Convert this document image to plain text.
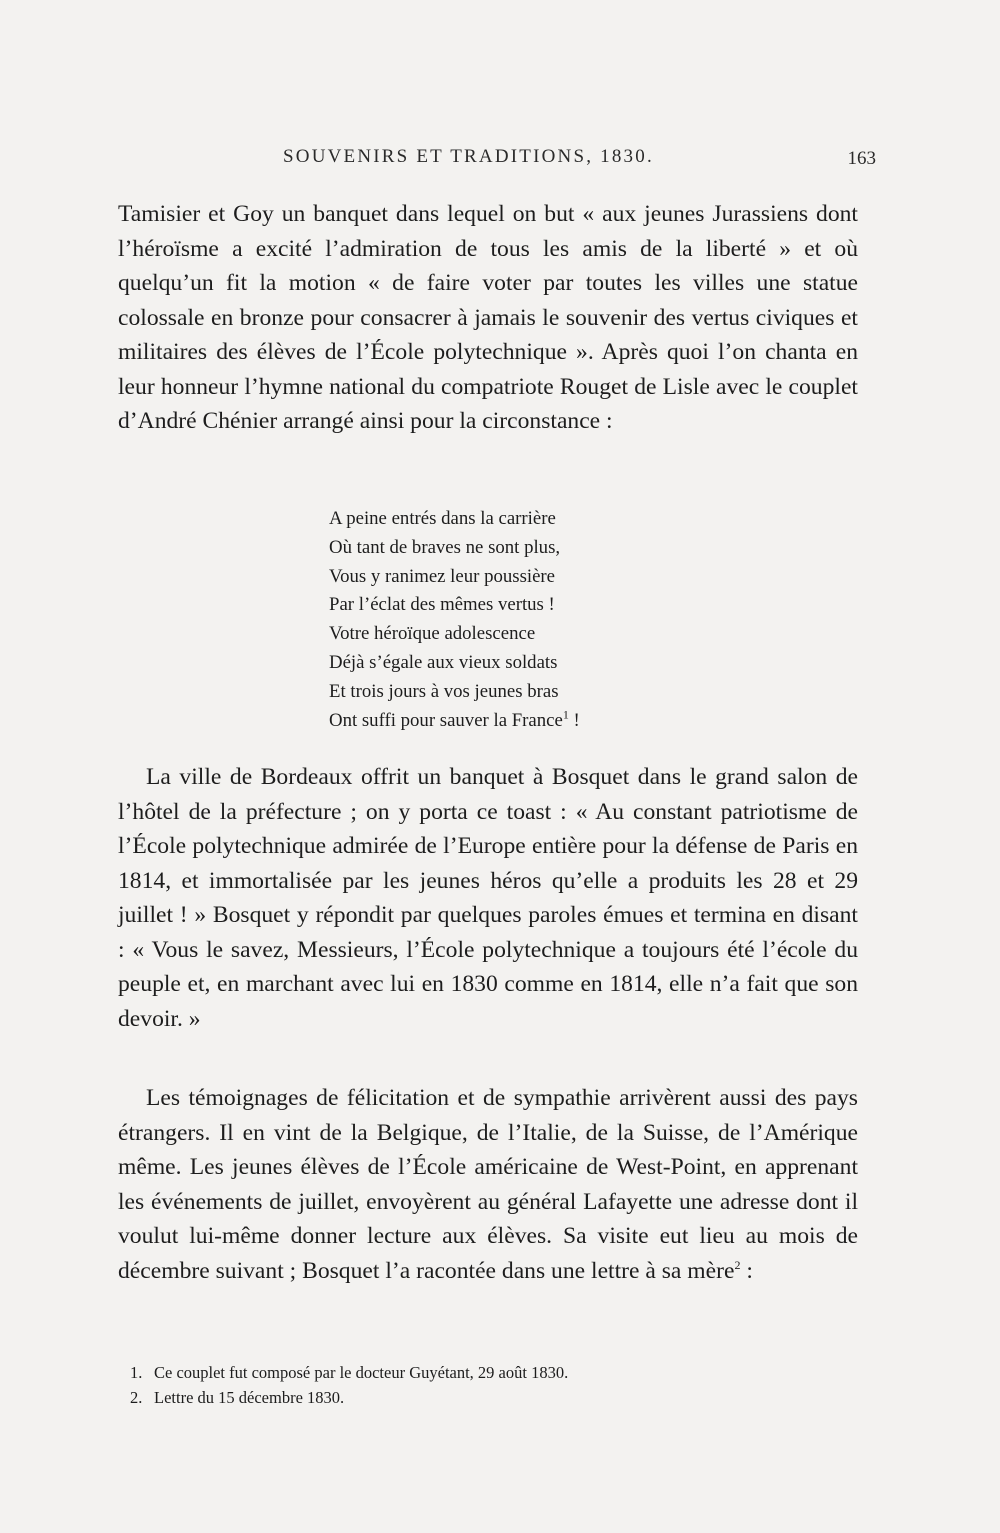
SOUVENIRS ET TRADITIONS, 1830.	163

Tamisier et Goy un banquet dans lequel on but « aux jeunes Jurassiens dont l’héroïsme a excité l’admiration de tous les amis de la liberté » et où quelqu’un fit la motion « de faire voter par toutes les villes une statue colossale en bronze pour consacrer à jamais le souvenir des vertus civiques et militaires des élèves de l’École polytechnique ». Après quoi l’on chanta en leur honneur l’hymne national du compatriote Rouget de Lisle avec le couplet d’André Chénier arrangé ainsi pour la circonstance :

A peine entrés dans la carrière
Où tant de braves ne sont plus,
Vous y ranimez leur poussière
Par l’éclat des mêmes vertus !
Votre héroïque adolescence
Déjà s’égale aux vieux soldats
Et trois jours à vos jeunes bras
Ont suffi pour sauver la France$^1$ !

La ville de Bordeaux offrit un banquet à Bosquet dans le grand salon de l’hôtel de la préfecture ; on y porta ce toast : « Au constant patriotisme de l’École polytechnique admirée de l’Europe entière pour la défense de Paris en 1814, et immortalisée par les jeunes héros qu’elle a produits les 28 et 29 juillet ! » Bosquet y répondit par quelques paroles émues et termina en disant : « Vous le savez, Messieurs, l’École polytechnique a toujours été l’école du peuple et, en marchant avec lui en 1830 comme en 1814, elle n’a fait que son devoir. »

Les témoignages de félicitation et de sympathie arrivèrent aussi des pays étrangers. Il en vint de la Belgique, de l’Italie, de la Suisse, de l’Amérique même. Les jeunes élèves de l’École américaine de West-Point, en apprenant les événements de juillet, envoyèrent au général Lafayette une adresse dont il voulut lui-même donner lecture aux élèves. Sa visite eut lieu au mois de décembre suivant ; Bosquet l’a racontée dans une lettre à sa mère$^2$ :

1. Ce couplet fut composé par le docteur Guyétant, 29 août 1830.
2. Lettre du 15 décembre 1830.
